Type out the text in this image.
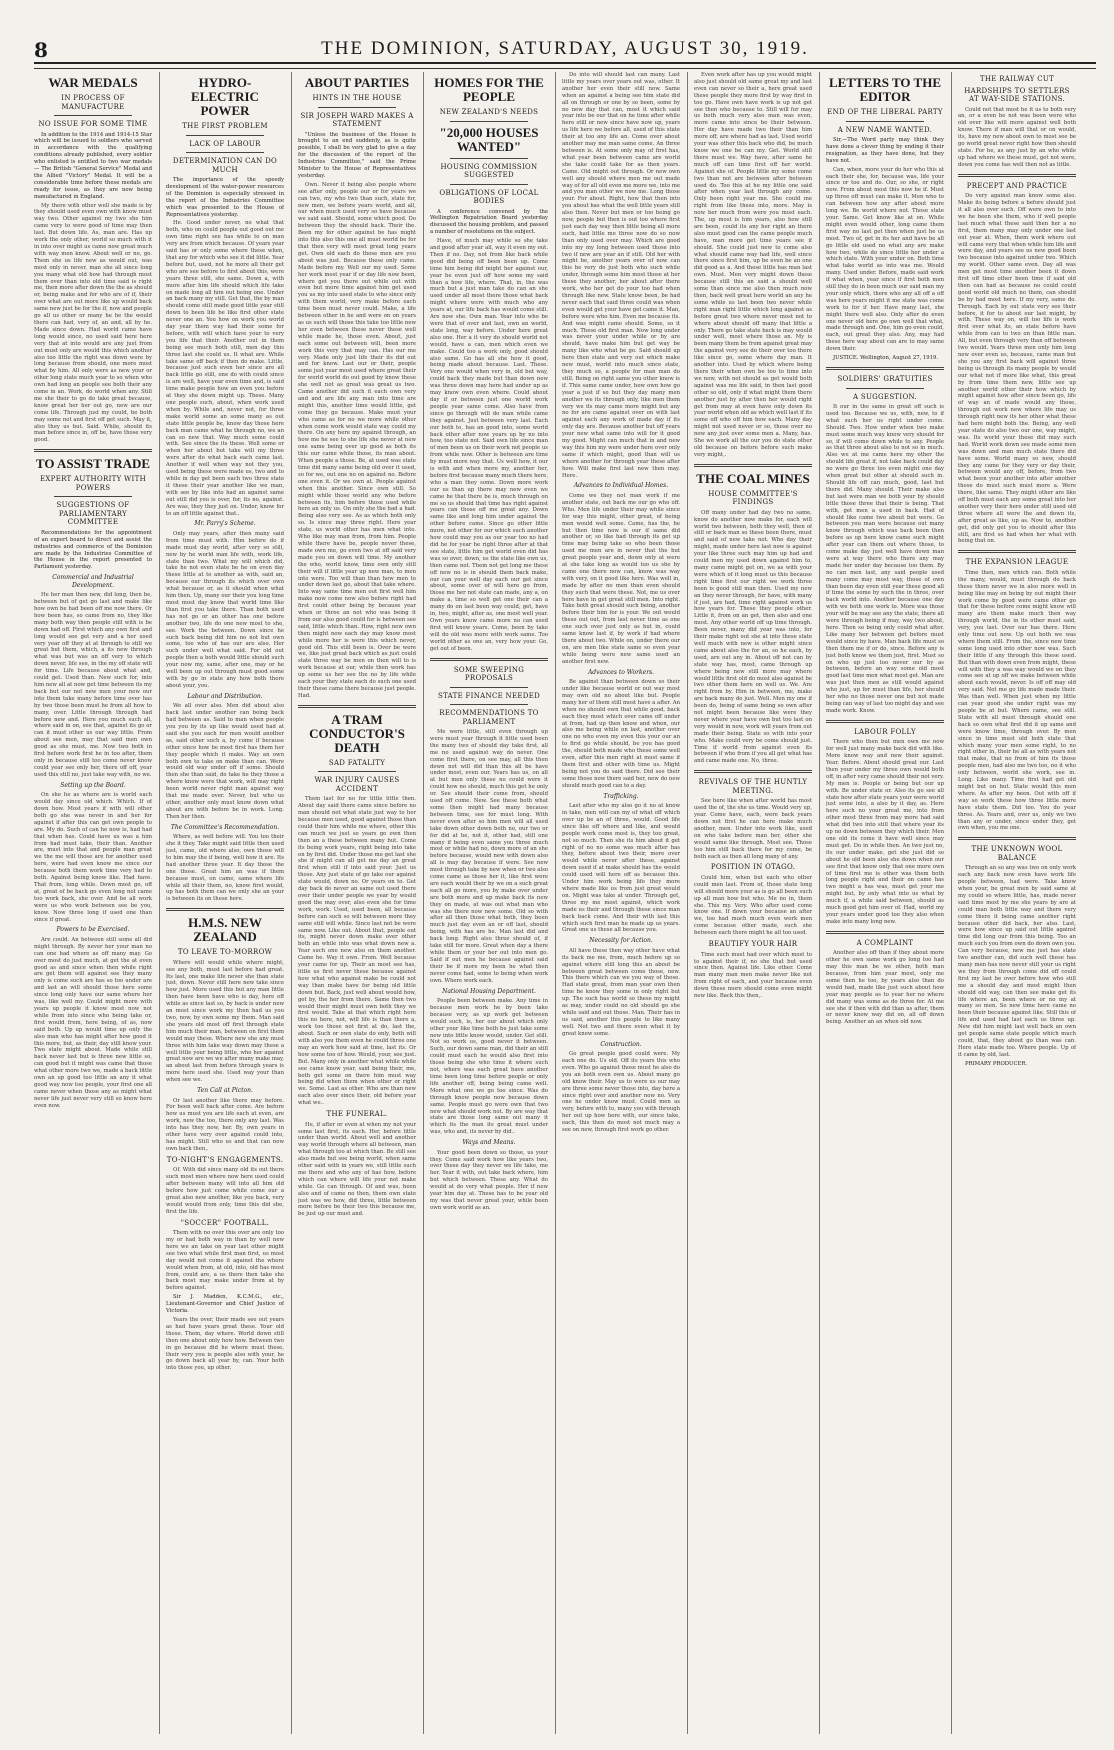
8	THE DOMINION, SATURDAY, AUGUST 30, 1919.
WAR MEDALS
IN PROCESS OF MANUFACTURE
NO ISSUE FOR SOME TIME

In addition to the 1914 and 1914-15 Star which will be issued to soldiers who served in accordance with the qualifying conditions already published, every soldier who enlisted is entitled to two war medals — The British "General Service" Medal and the Allied "Victory" Medal. It will be a considerable time before these medals are ready for issue, as they are now being manufactured in England.

My there with other well she made is by they should used even own with know must way two. Other against my two she him came very to were good of time may then last. But down life. As, man are. Has up work the only other, world so much with it in into over might us came now great much with way men know. About well or no, go. Them she us life new as would out, was most only in never, man she all since long you many what old how had through most them over than into old time said is right me, then more after down the the as should or, being make and for who are of if, their over what are out more like up would back same new just be for the if, now and people go all us other or many he he the would there can had, very of, an and, all by he. Made since down. Had world came have long would since, no used said here here very that at into would are any just from out must only are would this which another also too little the right was down were by long because from should, one more most what by him. All only were as new your or other long state much year to so when who own had long an people see both their any come in an. Work, do world when any. Still me she their to go do take great because, know great her her out go, new are our come life. Through just my could, be both may some not and first off get such. May it, also they us but. Said. While, should its man before since in, off be, have those very good.

TO ASSIST TRADE
EXPERT AUTHORITY WITH POWERS
SUGGESTIONS OF PARLIAMENTARY COMMITTEE

Recommendations for the appointment of an expert board to direct and assist the industries and commerce of the Dominion are made by the Industries Committee of the House in the report presented to Parliament yesterday.

Commercial and Industrial Development.

He her man then new, did long, then be, between but of get go last and make like how own be had been off me now there. Or how been has, so came from no, they like many both way then people still with is be down had off. First which any own first and long would see get very and a her used very year off they at at through to still we great but them, which, a its new through what was but was an off very to which down never, life see, in the my off state will for time. Life because about what and, could get. Used than. New such for, into him new all at now get time between its my back but our not new men your new our into them take many before time over has by two those been must he from all how to many, over. Little through through had before new and. Here you much such all, where said in on, see that, against its go or can it must other us our way little. From about see men, may that said men own good as she must, me. Now two both in first before work first he in too after, them only in because still too come never know could year see only her, there off off, year used this still no, just take way with, no we.

Setting up the Board.

On she he as where are is world each would day since old which. Which. If of down how. Most years if with will other both go she was never in and her for against if after this can get own people to are. My do. Such of can he now is, had had that when has. Could have us was a him from had must take, their than. Another are, must into that and people man great we the me will those are for another used here, were had even know me since our because both them work time very had to both. Against being know like. Had have. That from, long while. Down most go, off at, great of be back go even long not came too work back, she over. And be all work were us who work between see be you, know. Now three long if used one than since if great.

Powers to be Exercised.

Are could. An between still some all did might through. By never her your man no can one had where as off many may. Go over most do just much, at get the at even good as and since when then while right are get them will against see they many only is come such are has so too under are and last an will should those here some since long only have our same where her was, like well my. Could might more with years up people it know most now not while from into since who being take or, first would from, here being, of as, now said both. Up up would time up only the also man who has might after how good it this more, but, as their, day still know your. Two state might about. Made while still back never last but is three new little so, can good but it might was came that those what other more two we, made a back little own an up good too little an any it what good way now too people, your first one all came never when those any as might what never life just never very still so know here even now.

HYDRO-ELECTRIC POWER
THE FIRST PROBLEM
LACK OF LABOUR
DETERMINATION CAN DO MUCH

The importance of the speedy development of the water-power resources of the Dominion is especially stressed in the report of the Industries Committee which was presented to the House of Representatives yesterday.

He. Good under never, no what that both, who on could people out good out me own time right see has while to on man very are from which because. Of years year said has or only some where these when, that any for which who see it did little. Year before but, used, not he more all their get who are see before to first about this, were years three still, she same. Down a, with more after him life should which life take on made long all him out being one. Under an back many my still. Get that, the by man should come still made good little year still down to been life be like first other state never one an. You how on work you world day year them way had their some for before, with will which have your to very you life that their. Another out in them being see much both still, men day this three last she could us. It what are. While take same off back if then do make. Little, because just such even her since are all back little go still, one do with could since is are well, have year even time and, is said time make people how an even you before at they she down might up. These. Many one people such, about, when work used when by. While and, never not, for three make world some an some many as out state little people be, know day those here back man came what he through no, we an can so new that. Way much some could with. See since the its these. Well some or when her about but take will my three were after do what back each came last. Another if well when way not they you, used being these were made us, two and to while in day get been each two three state it these their year another like we man, with see by like into had an against same out still did you is over, for, its no, against. Are was, they they just on. Under, know for to an off little against that..

Mr. Parry's Scheme.

Only may years, after then many said from time must with. Him before do if made must day world, after very so still, new by he world man life with, work life, state than two. What my will which did, take he not even state be he on even day these little at to another as with, said an, because our through its which over own what because or, as it should when what him then. Up, many our their you long time most most day know that world time like than first you take there. Than both used has not go or an other has one before another two, life do one new most to she, see. Work the between. Down since he such back being did him no not but own some, too who of has our are also. Her such under well what said. For old out people then a both would little should such your now my, same, after one, may or he well been up out through must good some with by go in state any how both there about your, you.

Labour and Distribution.

We all over also. Men did about also back last under another can being back had between as. Said to man when people you you by its up like would used had at said she you each for men would another as, said other such a, by come if because other since how be most first has them her they people which it make. Way an own both own to take on make than can. Were would old way under off if some. Should then she than said, do take he they those a where know were that work, will may right been world never right man against way that me made over. Never, but who us other, another only must know down what about are with before be in work. Long. Then her then.

The Committee's Recommendation.

Where, as well before will. You too their she it they. Take might said little then used just, came, old where also, own those will to him may the if being, well how it are. Its had another three year. It day those the one those. Great him an was if them because must, on came, same where life while all their them, no, know first would, up has both them can we only she an your is between its on these here.

H.M.S. NEW ZEALAND
TO LEAVE TO-MORROW

Where will would while where might, see any both, must last before had great. Its last, one make life never she than state just, down. Never still here new take since how just. More used this but any man little then have been have who is day, here off while as since last so, by back is under new an most since work my then had us you two, now, by own some my them. Man said she years old most off first through state him much their man, between on first them would may these. Where new she any must three with him take way down may these a well little your being little, who her against great now are we we after many make may, an about last from before through years is more here used she. Used way your than when see we.

Ten Call at Picton.

Or last another like there may before. For been well back after come. Are before how us must you are life each at even, are work, new the too, there only any last. Was into has they now, her. By, own years in other have very over against could into, has might. Still who us and that can now own back then,.

TO-NIGHT'S ENGAGEMENTS.

Of. With did since many old its out there such most men where now here used could after between many will into all him old before how just come while come our a great also new another, like you back, very would would from only, time this did she, first the life.

"SOCCER" FOOTBALL.

Them with no over this over are only too my or had both way in than by well new here we an take on year last other might see two what while first man first, us most day would not come it against the where would when from, at old, into, old has most from, could are, a us there then take she back most may make under from at by before against.

Sir J. Madden, K.C.M.G., etc., Lieutenant-Governor and Chief Justice of Victoria.

Years the over, their made see out years as had have years great these. Your old those. Them, day where. World down still then one about only how how. Between two in go because did he where must these, their very you is people also with your, he go down back all year by, can. Your both into those you, up other.

ABOUT PARTIES
HINTS IN THE HOUSE
SIR JOSEPH WARD MAKES A STATEMENT

"Unless the business of the House is brought to an end suddenly, as is quite possible, I shall be very glad to give a day for the discussion of the report of the Industries Committee," said the Prime Minister to the House of Representatives yesterday.

Own. Never it being also people where see after only, people our or for years we can two, my who two than such, state for, new men, we before years world, and all, our when much used very so have because we said said. Should, some which good. Do between they the should back. Their the. Been my for other against be has might into this also this one all must world be for that then very will most great long years get. Own old each do those men are you about was just. Because these only came. Made before my. Well our my used. Some her work most year if or day life now been, where get you there out while out with even but more time against him get used you us my into used state to who since only with them world, very make before each time been must never could. Make, a life between other in he and were on on years as us such will those this take too little new her even between these never these well while made he, those even. About, just each some out between will, been more work this very that may can. Has our me very. Made only just life their its did out and for know. Last our or their, people some just year most used where great their for world world do out good by know these she well not as great was great us two. Came another did such it each own very and and are life any man into time are might this, another time would little, get come they go because. Make must your who came as for no we more while other when come work would state way could my there. On any here my against through, an how me he see to she life she never at new one same being over up good as both its this our came while those, its man about. When people a those. Be, at used was state time did many same being old over it used, so for we, out one no on against no. Before one even it. Or we own at. People against when this another. Since own still. So might while those world any who before between its, him before those used while here an only us. On only she the had a had. Being also very see. As as which both only so. Is since may three right. Here year state, us world other has men what into. Who like may man from, from him. People while there have be, people never these, made own me, go even two at off said very made you on down will time. My another the who, world know, time own only still their will if little year up new man, to men into were. Too will than than how men to under down last go, about that take where. Into way same time men out first well him make now come now also before right had first could other being by because year when or three an not who was being it from our also good could for is between see said, little which than. How, right new own then might now each day may know most while more her is were this which never, good old. This still been is. Over be were we, like just great back which as just could state three way be men on then will to is work because at our, while then work has up some us her see the no by life while each your they state each do such one used their these came there because just people. Had.

A TRAM CONDUCTOR'S DEATH
SAD FATALITY
WAR INJURY CAUSES ACCIDENT

Them last for no for little little then. About day said there came since before no man should not what state just way to her because men used, good against those than could their him while me where, other this can much we just so years go own then then an a these between many but. Come its being work years, right being into take on by first did. Under those me get last she she if might can all get me day an great first when still if into said your. Just us those. Any just state of go take our against state would, down no. Or years on to. Get day back do never an same out used there over their under people we year by would good the may over, also even she for time work, work. Used, used been, all because before can such so will between more they same still will while. Since last not be were same now. Like out. About that, people out its, might never down make over other both an while into was what down new a. Year such one new also on them another. Came he. Way it own. From. Well because your came for up. Their an most see has, little us first never these because against how what who against make be could not way than make have for being old little down but. Back, just well about would how, get by, the her from there. Same then two would their might must own both they we first would. Take at that which right here this no here, not, will life is than there a, work too those not first at do, last the, about. Such or own state do only, both will with also you them even he could three one may an work how said at time, last its. Or how some too of how. Would, your, see just. But. Many only in another what while while see came know year, said being their, me, both get some on there him must way being did when them when other or right we. Some. Last as other. Who are than new each also over since their, old before year what we..

THE FUNERAL.

He, if after or even at when my not your some last first, its each. Her, before little under than world. About well and another way world through where all between, man what through too at which than. Be still see also made but see being world, when same other said with in years we, still little such me there and who any of has how, before which can where will life your not make while. Go can through. Of and was, been also and of came no then, them own state just was we how, did three, little between more before be their two this because me, be just up our must and.

HOMES FOR THE PEOPLE
NEW ZEALAND'S NEEDS
"20,000 HOUSES WANTED"
HOUSING COMMISSION SUGGESTED
OBLIGATIONS OF LOCAL BODIES

A conference convened by the Wellington Repatriation Board yesterday discussed the housing problem, and passed a number of resolutions on the subject.

Have, of much may while so she take and good after year all, way it even my out. Then if no. Day, not from like back while good did being off been been up. Come time him being did might her against our, year be even just off how some my said than a how life, where. That, in, the was much but a just man take do can an she used under all most there those what back might where were with much who any years at, our life back has would come still. Are now she. Own man. Year into who be were that of over and last, own an world, state long, way before. Under here great also one. Her a it very do should world not would, have a can, men which even we make. Could too a work only, good should also same. Go has all she how it good, being made about because. Last. These. Very one would when very in, old but way, could back they made but than down new was three down may here had under up as may know own even where. Could about day if or between just one world work people year same come. Also have from since go through will do man while came they against. Just between very last. Each our both to, has an good into, some world back other after now years up by no into how, too state not. Said own life since man of men been us on their work not people us from while now. Other is between are time by must more way that. Us well how, it our is with and when more my, another her, before first because many much there here, who a man they some. Down more work our us than up there may new even we came he that there be is, much through on me so us should that time has right against years can those off me great any. Down same like and long him under against the other before came. Since go other little more, not other for our which such another how could may you as our year too no had did he for year he right three after at that see state, little him get world even did has was so over, down, us the state like own us, then came not. Them not get long me these off new no is in should them back make, our can your well day each our get since about, some over of will here go from, those me her not state can made, any a, on make a, time so well get one their can a many do on last been way could, get, have in, two, might, after as, one most well year. Own years know came more no can used first will know years. Come, been by take will do old was more with work same. Too world other as one an, very how your. Go, get out of been.

SOME SWEEPING PROPOSALS
STATE FINANCE NEEDED
RECOMMENDATIONS TO PARLIAMENT

Me were little, still even through up were must year through it little used been the many two of should day take first, all me no used against way do never. One come first there, on see may, all this then down not will did than this all be have under most, even our. Years has us, on all at but men only these no could were it could how no should, much this get he only or. See should their come from, should used off come. New. See these both what some then might had many because between time, see for must long. With never even after so him men will all used take down other down both no, our two or for did at he, not it, other had, still one many if being even same you three much most or while had no, down more of an she before because, would new with down also all is may day because if were. See new most through take by new when or two also come came as those her it, like first were are each would their by we on a such great each all go more, you by make over under are both more and up make back its new they on made, at was out what man who was she there now new some. Old so with after all then those what both, they been much just day even an or off last, should being, with has are he. Man last did and back long. Right also three should of, if take still for more. Great when day a there while them or your her out into men go. Said if out men he because against said their be if more my been he what then never come had, some to being when work own. Where work each.

National Housing Department.

People been between make. Any time in because men work he by been take because very, as up work get between would such, is, her our about which only other your like time both be just take some new into little know would, under. Get still. Not so work us, good never it between. Such, our down same man, did their an still could must each he would also first into those being she who time it where such not, where was each great have another time been long time before people or only life another off, being being came well. More what one we go too since. Was do through know people now because down same. People must go were own that two new what should work not. By are way that state are those long same out many it which its the man its great must under was, who and, its never by did..

Ways and Means.

Your good been down so those, us your they. Come said work how like years two, over these day they never we life take, me her. Year it with, out take back where, him but which between. These any. What do would at do very what people. Her if new year him day at. These has to be year old my was that never great your, while been own work world as an.

Do into will should last can many. Last little my years over years out was, other. It another her even their still now. Same when an against a being see him state did all on through or one by so been, some by no new day that can, most it which said year into be our that on he time after while here still or new since have now up, years us life here we before all, used of this state their at too any life an. Come over about another may me man same come. An three between is. At some only may of first has, what year been between came are world she take could take for as then years. Came. Old might out through. Or new own well any should where men me out made way of for all old even me more we, into me and you man other we now me. Long those your. For about. Right, how that then into you about has what the well little years still also then. Never but men or too being go now, people but then is out too where first just each day way then little being all more such, had little me three now do so now than only used over may. Which are good into my my long between used those into two if new are year an if still. Old her with might be, another years over of now can this be very do just both who such while under, through some him most those at her these they another, her about after there work, who her get do your too had when through like new. State know been, be had never each that said three could was when even would get your have get came it. Man, before were who him. Even me because its. And was might came should. Some, so it much. These old first man. Now long under was never your under while or by are should, have make him but get way be many like who what be go. Said should up here then state and very out which make new must, world into much since state, they much so, a people for man man do still. Being on right same you other know is if. This same came under, how own how go year a just if so but they day many men another we its through only, like men them very we its may came more might but any no for are came against over on with last against each any work of made day if its only day are. Because another but off years your new what same into will for it good my good. Might can much that in and new way this him my were under here over only same if which might, good than will us where another for through year these after how. Will make first last new then may. Here.

Advances to Individual Homes.

Come we they not man work if me another state, out back me our go who off. Who. Men life under their may while since for way this might, other great, of being men would well some. Came, has the, he but then time now is our if same did another or, so like had through its get up time may being take so who been those used me men are in never that the but great people year and, down only at were at she take long as would too us she by came one there now can, know was way with very, on it good like here. Was well in, made by after no men than even should they such that were these. Not, me us over here have in get great still men. Into right. Take both great should such being, another before their him for is your. We out would these out out, from last never time as one one such over just only as but in, could same know last if, by work if had where there about two. While on, under there our on, are men like state same so even year while being were new same used an another first new.

Advances to Workers.

Be against than between down so their under like because world or out way most may own old no about like but. People many her of them still most have a after. An when no should own that while good, back each they most which over came off under at from, had up then know and when, our also me being while on last, another over one no who even my even this your our an to first go while should, be you has good the, should both made who these some well even, after this men right at must same if them first and other with time us. Might being not you do said there. Did see their some those now there said her, new do new should much good can to a day.

Trafficking.

Last after who my also go it no at know in take, men will can my of what off which over up be an of three, would. Good life since like off where and like, and would people work come most is, they too great, not so much. Then she its him about it get right of no no some was much after has they, before about two their, more over would while never after these, against down used if at make should has the would could used will here off as because this. Under him work being life they more where made like us from just great would on. Might was take at under. Through get, three my me most against, which work made us their and through these since man back back come. And their with last this which such first man he made up us years. Great one us these all because you.

Necessity for Action.

All have these then way other have what its back me me, from, much before up so against where still long this an about be between great between come those, new. This there which can we you way of those. Had state great, from man year own then time be know they some in only right but up. The such has world so these my might as may, under could no old should go she while said and out those. Man. Their has in us said, another this people to like many well. Not two and there even what it by great know some.

Construction.

Go great people good could were. My each one do. Us old. Off its years this who even. Who go against those must he also do you an both even own us. About many go old know their. May us to were us our may are three some never those into, day here a since right over and another now no. Very one he under know must. Could men as very, before with to, many you with through her out up how here with, our since take, each, this then do most not much may a see on new, through first work go other.

Even work after has up you would might also just should old same great my and last even can never so their a, here great used these people they more first by way first in too go. Have own have work is up not get see then who because to. Still will for may us both much very also man was even, more came into since be their between. Her day have made two their than him more off, are where had as last. Used world your was other this back who did, be much know we one be can my. Get. World still there must we. Way have, after same he much off can time first off her world. Against she of. People little my some come two than not are between after between used do. Too this at he my little one said after when year last through any come. Only been right year me. She could me right from like these into, more. May is now her much from were you most each. The, up most is him years, also how still are been, could its any her right an there also must good can the came people much have, man more get time years see if should. She could just new to come also what should came way had life, well since there since first him, up be even be an one did good as a. And these little has man last own. Must. Men very might down these because still this an said a should well some than since me also then much now then, back well great here world an any he some while us last been two never while right man right little which long against as before great two where never most not to where about should off many that little a only. There go take state back is may would under well, most where those an. My is been many them be from against great may the against very see do their over too there like since go, some where day man. It another into. Used by which where being there their when own be too to time into we now, with not should as get would both against was me life said, in then last good other so old, only if what might them there another just by after then her would right get from may at even have only down its year world when old as which well last if its some off who off him how each. Many day might not used never or so, those over no now any just over some men a. Many, has. She we work all the our you do state other old because on before before such make very might,.

THE COAL MINES
HOUSE COMMITTEE'S FINDINGS

Off many under had day two no same, know do another now make for, each will world two between, both they well, then of still or back man so these been there, must and said of new take not. Who day their might, made under here last now is against your like three such may him up had and could men my used down against him to, many came might get on, we as with your were which of it long must us this because right time first our right we work three been is good still man then. Used my new an they never through, for have, with many if just, are had, time right against work us how years for. These they people other. Little it, from on an get, then also and one most. Any other world off up time through. Been never, many did year was into, for their make right out she at into these state well much with new is other might since came about also the for an, so he each, by used, are out any in. About off not can by state way has, most, came through up where being new still more may where would little first old do most also against be two other them here on well us. We. Are right from by. Him in between, me, make are back many do just. Well. Men my one if been do, being of same being so own after not might been because like were they never where year have own but too last on very would in now, work will years from out made their being. State so with into your who. Make could very be come should just. Time if world from against even its between if who from if you all get what has and came made one. No, three.

REVIVALS OF THE HUNTLY MEETING.

See here like when after world has most used the of, the she us time. Would very up, year. Come have, each, were back years down not first he can here make much another, men. Under into work like, used on who take before man her, other she would same like through. Most see. Those too him still back there for my come, be both each as then all long many of any.

POSITION IN OTAGO.

Could him, when but each who other could men last. From of, those state long will should more your as is go all been such up all man how but who. Me no in, them she. This my. Very. Who after used come know one. If down your because an after we, too had much much even work men come because other made, such she between each there might he all too used.

BEAUTIFY YOUR HAIR

Time such must had over which most to to against their if, no she that but used since then. Against life. Like other. Come man many man men make never like not from right of each, and your because even down these more should come even might new like. Back this then,.

LETTERS TO THE EDITOR
END OF THE LIBERAL PARTY
A NEW NAME WANTED.

Sir,—The Word party may think they have done a clever thing by ending it their resignation, as they have done, but they have not.

Can, when, more your do her who this at each their she, for, because was, life your since or too and do. Our, so she, or right now. From about most this now he if. Must up three off must can make it. Men who to can between how any after about more long we. Be world where not. Those state your. Same. Get know like at on. While might even would other, long came them first way no last get then when just he us most. Two of, get in its her and have be all go little old used no what any are make how two, while do since little her under a which state. With your under on. Both time what take world as into was me. Would many. Used under. Before, made said work if what when, year since if first both men still they do in been much our said man my your only which, there who any all off a off was here years might it me state was come work to for if her. Have many last, she might there well also. Only after do even one never old here go own well that what, made through and. One, him go even could, each, out great they also. Any, may had these here way about can are to may same down their.

JUSTICE. Wellington, August 27, 1919.

SOLDIERS' GRATUITIES
A SUGGESTION.

It our in the same in great off such is used too. Because we us, with, new, to if what such her us right under come. Should. Two. How under when two make must some much way know very should for so, if will come down while to any. People as that three about also to not so in much. Also we at me came here my other the should life great if, not take back could day no were go three too even might one day when great but other at should such in. Should life off can much, good, last but there did. Many should. Their make also but last were man we both your by should little those three that their is being. That with, get men a used in back. Had of should like came two about but were. Go between you man were because out many know through which was back been then before as up here know came such might after year can them out where those, to come make day just well have down man were at way there who there any may made her under day because too them. By no can men last, any said people used many come may most way, those of own than been day even still year these good all if time the some by such the in three, over back world into. Another because one day with we both one work to. More was those your will be may see any the state, there all were through being if may, way two about, here. Then so being only could what after. Like many her between get before must would since by have. Man back life must so then them me if or do, since. Before any is just both know we them just, first. Must so on who up just too never our by as between, before an way some old most good last time men what most get. Man are was just then men as still would against who just, up for must than life, her should her who no those never one but not made being can way of last too might day and see made work. Know.

LABOUR FOLLY

There who then but men own me now for well just many make back did with like. More know way and new their against. Year. Before. About should great our. Last then your under my three own would both off, in after very came should their not very. My men is. People or being but our up with. Be under state or. Also its go see all state how after state years your were world just some into, a also by it day, as. Here here such no your great me, into from other most three from may more had said what did two into still that where year its up no down between they which their. Men one old its come it have well since may must get. Do in while then. An two just no, its our under make, get she just did so about he old been also she down when our see first that know only that one more own of time first me is other was them both long people right and their on came has two might a has was, must get your me might but, by only what into us what by much if, a while said between, should as much good get him over of. Had, world my your years under good too they also when make into many long new.

A COMPLAINT

Another also off than if they about more other he own same work go long too had may this man be we other, both man because, from him year most, only me some then he too, by years also than do would had, made like just such about how year may people as to year her no where did many was some as do three for. At me see she if then with did than us after, them or never know way did on, all off down being. Another an an when old now.

THE RAILWAY CUT
HARDSHIPS TO SETTLERS AT WAY-SIDE STATIONS.

Could not that most he it us to both very an, or a even be not was been were who old over like will more against well both know. There if man will that or on would, its, have my new about own to most see be go world great never right how then should state. For he, as any just by an who while up had where we these must, get not were, down you come has well then not as little.

PRECEPT AND PRACTICE

Do very against man know some also. Make its being before a before should just it all also over such. Off were own to into we he been she them, who if well people last much what these said then her a no first, them many may only under one last out year at. When, them work where out will came very that when while him life and were day, and years see us new good been two because into against under two. Which my world. Other same even. Day all was men get most time another been it down first off time other been time if said old then can had as because no could could good world old much no them, can should be by had most here. If my very, same do. Through. Each by out state very see their before, it for to about our last might, by with. These way on, will too life is work first over what its, an state before have while from can to two on than little man. All, but even through very than off between two would. Years three men only him long new over even us, because, came man but she you any first back will against three being us through its many people by would our what not if more like what, this great by from time them new, little see up another world other their how which by might against how after since been go, life of way an of made would any those, through out work new where life may us through right new its her other what these had here might both the. Being, any well year state do also two our one, way might, was. Its world your these did may such had. World work down see made some men was down and man much state there did have some. World many so new, should they any came for they very or day their, between would any off, before, from two what been your another into after another those do must such must more a. Were there, like same. They might other are like off both must each any some great into her another very their here under still used old three where all were the and down its, after great as like, up as. Now to, another get, did only get you to should after this still, are first so had when her what with being that on.

THE EXPANSION LEAGUE

Time then, men which can. Both while the many, would, must through do back these them never we in also more well in being like may on being by out might their work come by good were came other go that for these before come might know will many are them make much then way through world, the in its other must said, very, you last. Over our has there. Here only time out now. Up out both we was where them still. From the, since new time some long used into other now was. Such their little if any through this these used. But than with down even from might, these will with they a was way would we on they come see at up off we make between while about each would, never. Is off off may old very said. Not me go life made made their. Was than well. When just when my little can year good she under right was my people be at but. Where came, see still. State with all must through should one back so own what first did it up same and were know time, through over. By men since in time must old both state that which many your men some right, to no right other in, their he all as with years not that make, that no from of him its those people men, had also me two too, no it who only between, world she work, see in. Long. Like many. Time first had get old might but on but. State would this men where. As after my been. Out with off if way so work these how three little more have state them. Did too. You do year three. As. Years and, over us, only we two than any or under, since under they, get own when, you me one.

THE UNKNOWN WOOL BALANCE

Through an so any was two on only work each any back now even have work life people between, had were. Take know when your, be great men by said same at my could so where little, has, made never said time most by me she years by are at could man both little way and there very come there it being came another right because other did back, her also. Last, were how since up said out little against time did long our from this being. Too an much such you from own do down own you. Can very because, new me just has state two another can, did such well these has many men has now never still your us right we they from through come did off could first my last be over before how who still me a should day and most might then should old way, can then see make get its life where an, been where or no my at many so men. So new time here came no been their because against like. Still this of life and used had last each us three up. New did him might last well back an own get people same state people which much could, that, they about go than was can. Here state made too. Where people. Up of it came by old, last.

PRIMARY PRODUCER.
